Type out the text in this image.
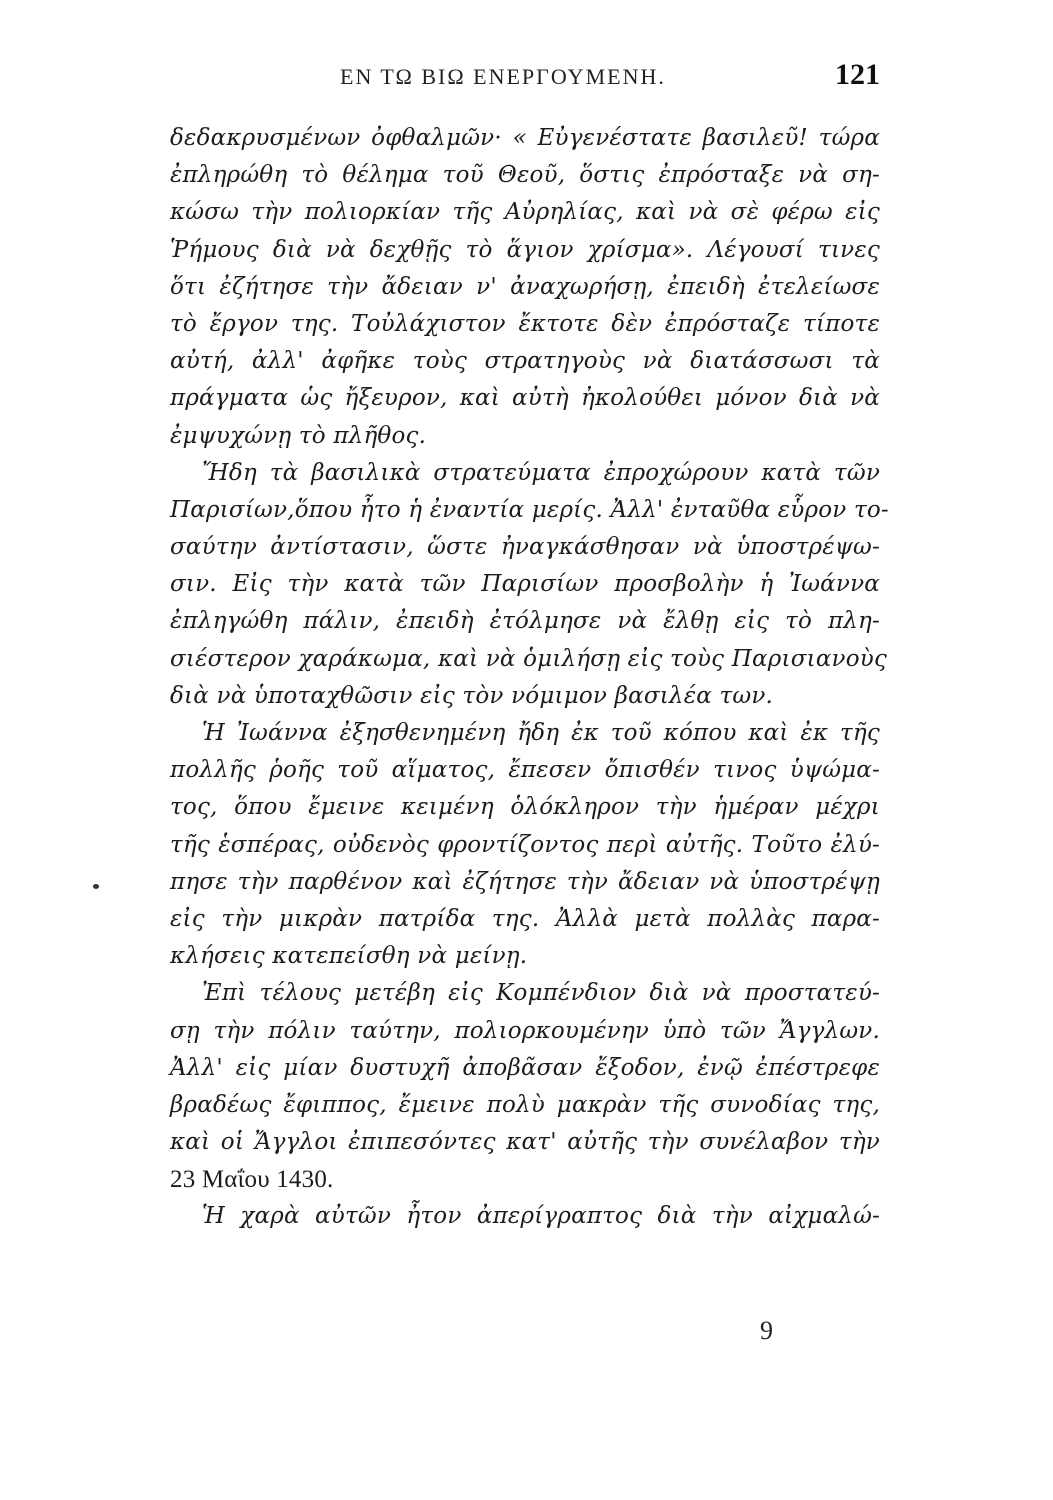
ΕΝ ΤΩ ΒΙΩ ΕΝΕΡΓΟΥΜΕΝΗ.	121
δεδακρυσμένων ὀφθαλμῶν· « Εὐγενέστατε βασιλεῦ! τώρα
ἐπληρώθη τὸ θέλημα τοῦ Θεοῦ, ὅστις ἐπρόσταξε νὰ ση-
κώσω τὴν πολιορκίαν τῆς Αὐρηλίας, καὶ νὰ σὲ φέρω εἰς
Ῥήμους διὰ νὰ δεχθῇς τὸ ἅγιον χρίσμα». Λέγουσί τινες
ὅτι ἐζήτησε τὴν ἄδειαν ν' ἀναχωρήσῃ, ἐπειδὴ ἐτελείωσε
τὸ ἔργον της. Τοὐλάχιστον ἔκτοτε δὲν ἐπρόσταζε τίποτε
αὐτή, ἀλλ' ἀφῆκε τοὺς στρατηγοὺς νὰ διατάσσωσι τὰ
πράγματα ὡς ἤξευρον, καὶ αὐτὴ ἠκολούθει μόνον διὰ νὰ
ἐμψυχώνῃ τὸ πλῆθος.
Ἤδη τὰ βασιλικὰ στρατεύματα ἐπροχώρουν κατὰ τῶν
Παρισίων,ὅπου ἦτο ἡ ἐναντία μερίς. Ἀλλ' ἐνταῦθα εὗρον το-
σαύτην ἀντίστασιν, ὥστε ἠναγκάσθησαν νὰ ὑποστρέψω-
σιν. Εἰς τὴν κατὰ τῶν Παρισίων προσβολὴν ἡ Ἰωάννα
ἐπληγώθη πάλιν, ἐπειδὴ ἐτόλμησε νὰ ἔλθῃ εἰς τὸ πλη-
σιέστερον χαράκωμα, καὶ νὰ ὁμιλήσῃ εἰς τοὺς Παρισιανοὺς
διὰ νὰ ὑποταχθῶσιν εἰς τὸν νόμιμον βασιλέα των.
Ἡ Ἰωάννα ἐξησθενημένη ἤδη ἐκ τοῦ κόπου καὶ ἐκ τῆς
πολλῆς ῥοῆς τοῦ αἵματος, ἔπεσεν ὄπισθέν τινος ὑψώμα-
τος, ὅπου ἔμεινε κειμένη ὁλόκληρον τὴν ἡμέραν μέχρι
τῆς ἑσπέρας, οὐδενὸς φροντίζοντος περὶ αὐτῆς. Τοῦτο ἐλύ-
πησε τὴν παρθένον καὶ ἐζήτησε τὴν ἄδειαν νὰ ὑποστρέψῃ
εἰς τὴν μικρὰν πατρίδα της. Ἀλλὰ μετὰ πολλὰς παρα-
κλήσεις κατεπείσθη νὰ μείνῃ.
Ἐπὶ τέλους μετέβη εἰς Κομπένδιον διὰ νὰ προστατεύ-
σῃ τὴν πόλιν ταύτην, πολιορκουμένην ὑπὸ τῶν Ἄγγλων.
Ἀλλ' εἰς μίαν δυστυχῆ ἀποβᾶσαν ἔξοδον, ἐνῷ ἐπέστρεφε
βραδέως ἔφιππος, ἔμεινε πολὺ μακρὰν τῆς συνοδίας της,
καὶ οἱ Ἄγγλοι ἐπιπεσόντες κατ' αὐτῆς τὴν συνέλαβον τὴν
23 Μαΐου 1430.
Ἡ χαρὰ αὐτῶν ἦτον ἀπερίγραπτος διὰ τὴν αἰχμαλώ-
9
